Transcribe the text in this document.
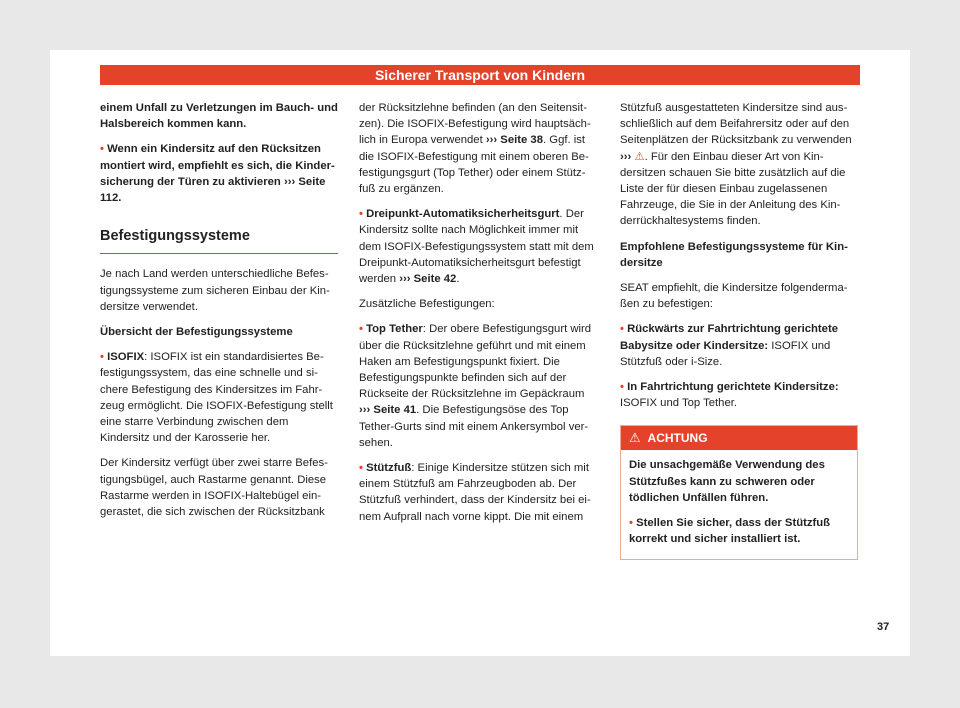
Sicherer Transport von Kindern

einem Unfall zu Verletzungen im Bauch- und Halsbereich kommen kann.

• Wenn ein Kindersitz auf den Rücksitzen montiert wird, empfiehlt es sich, die Kindersicherung der Türen zu aktivieren ››› Seite 112.

Befestigungssysteme

Je nach Land werden unterschiedliche Befestigungssysteme zum sicheren Einbau der Kindersitze verwendet.

Übersicht der Befestigungssysteme

• ISOFIX: ISOFIX ist ein standardisiertes Befestigungssystem, das eine schnelle und sichere Befestigung des Kindersitzes im Fahrzeug ermöglicht. Die ISOFIX-Befestigung stellt eine starre Verbindung zwischen dem Kindersitz und der Karosserie her.

Der Kindersitz verfügt über zwei starre Befestigungsbügel, auch Rastarme genannt. Diese Rastarme werden in ISOFIX-Haltebügel eingerastet, die sich zwischen der Rücksitzbank

der Rücksitzlehne befinden (an den Seitensitzen). Die ISOFIX-Befestigung wird hauptsächlich in Europa verwendet ››› Seite 38. Ggf. ist die ISOFIX-Befestigung mit einem oberen Befestigungsgurt (Top Tether) oder einem Stützfuß zu ergänzen.

• Dreipunkt-Automatiksicherheitsgurt. Der Kindersitz sollte nach Möglichkeit immer mit dem ISOFIX-Befestigungssystem statt mit dem Dreipunkt-Automatiksicherheitsgurt befestigt werden ››› Seite 42.

Zusätzliche Befestigungen:

• Top Tether: Der obere Befestigungsgurt wird über die Rücksitzlehne geführt und mit einem Haken am Befestigungspunkt fixiert. Die Befestigungspunkte befinden sich auf der Rückseite der Rücksitzlehne im Gepäckraum ››› Seite 41. Die Befestigungsöse des Top Tether-Gurts sind mit einem Ankersymbol versehen.

• Stützfuß: Einige Kindersitze stützen sich mit einem Stützfuß am Fahrzeugboden ab. Der Stützfuß verhindert, dass der Kindersitz bei einem Aufprall nach vorne kippt. Die mit einem

Stützfuß ausgestatteten Kindersitze sind ausschließlich auf dem Beifahrersitz oder auf den Seitenplätzen der Rücksitzbank zu verwenden ››› ⚠. Für den Einbau dieser Art von Kindersitzen schauen Sie bitte zusätzlich auf die Liste der für diesen Einbau zugelassenen Fahrzeuge, die Sie in der Anleitung des Kinderrückhaltesystems finden.

Empfohlene Befestigungssysteme für Kindersitze

SEAT empfiehlt, die Kindersitze folgendermaßen zu befestigen:

• Rückwärts zur Fahrtrichtung gerichtete Babysitze oder Kindersitze: ISOFIX und Stützfuß oder i-Size.

• In Fahrtrichtung gerichtete Kindersitze: ISOFIX und Top Tether.

⚠ ACHTUNG

Die unsachgemäße Verwendung des Stützfußes kann zu schweren oder tödlichen Unfällen führen.

• Stellen Sie sicher, dass der Stützfuß korrekt und sicher installiert ist.

37
